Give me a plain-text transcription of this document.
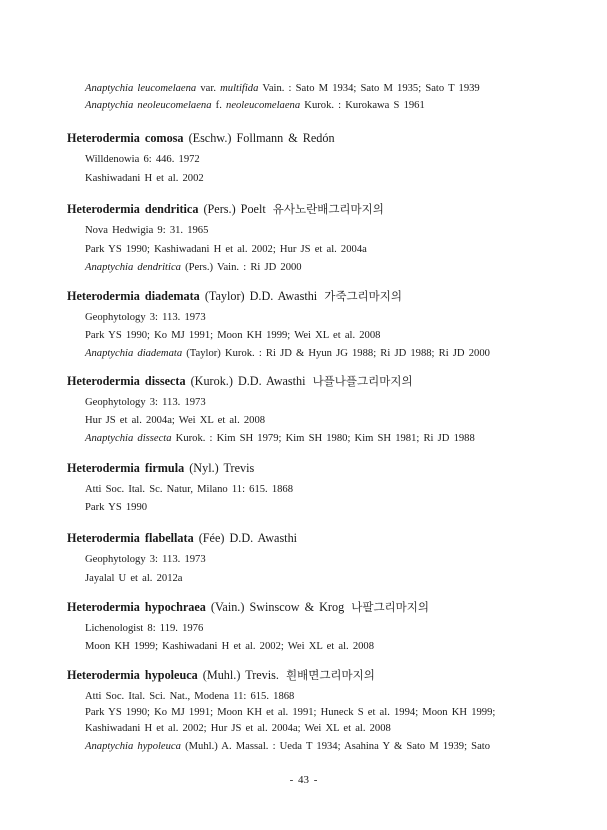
Anaptychia leucomelaena var. multifida Vain. : Sato M 1934; Sato M 1935; Sato T 1939
Anaptychia neoleucomelaena f. neoleucomelaena Kurok. : Kurokawa S 1961
Heterodermia comosa (Eschw.) Follmann & Redón
Willdenowia 6: 446. 1972
Kashiwadani H et al. 2002
Heterodermia dendritica (Pers.) Poelt 유사노란배그리마지의
Nova Hedwigia 9: 31. 1965
Park YS 1990; Kashiwadani H et al. 2002; Hur JS et al. 2004a
Anaptychia dendritica (Pers.) Vain. : Ri JD 2000
Heterodermia diademata (Taylor) D.D. Awasthi 가죽그리마지의
Geophytology 3: 113. 1973
Park YS 1990; Ko MJ 1991; Moon KH 1999; Wei XL et al. 2008
Anaptychia diademata (Taylor) Kurok. : Ri JD & Hyun JG 1988; Ri JD 1988; Ri JD 2000
Heterodermia dissecta (Kurok.) D.D. Awasthi 나플나플그리마지의
Geophytology 3: 113. 1973
Hur JS et al. 2004a; Wei XL et al. 2008
Anaptychia dissecta Kurok. : Kim SH 1979; Kim SH 1980; Kim SH 1981; Ri JD 1988
Heterodermia firmula (Nyl.) Trevis
Atti Soc. Ital. Sc. Natur, Milano 11: 615. 1868
Park YS 1990
Heterodermia flabellata (Fée) D.D. Awasthi
Geophytology 3: 113. 1973
Jayalal U et al. 2012a
Heterodermia hypochraea (Vain.) Swinscow & Krog 나팔그리마지의
Lichenologist 8: 119. 1976
Moon KH 1999; Kashiwadani H et al. 2002; Wei XL et al. 2008
Heterodermia hypoleuca (Muhl.) Trevis. 흰배면그리마지의
Atti Soc. Ital. Sci. Nat., Modena 11: 615. 1868
Park YS 1990; Ko MJ 1991; Moon KH et al. 1991; Huneck S et al. 1994; Moon KH 1999;
Kashiwadani H et al. 2002; Hur JS et al. 2004a; Wei XL et al. 2008
Anaptychia hypoleuca (Muhl.) A. Massal. : Ueda T 1934; Asahina Y & Sato M 1939; Sato
- 43 -
